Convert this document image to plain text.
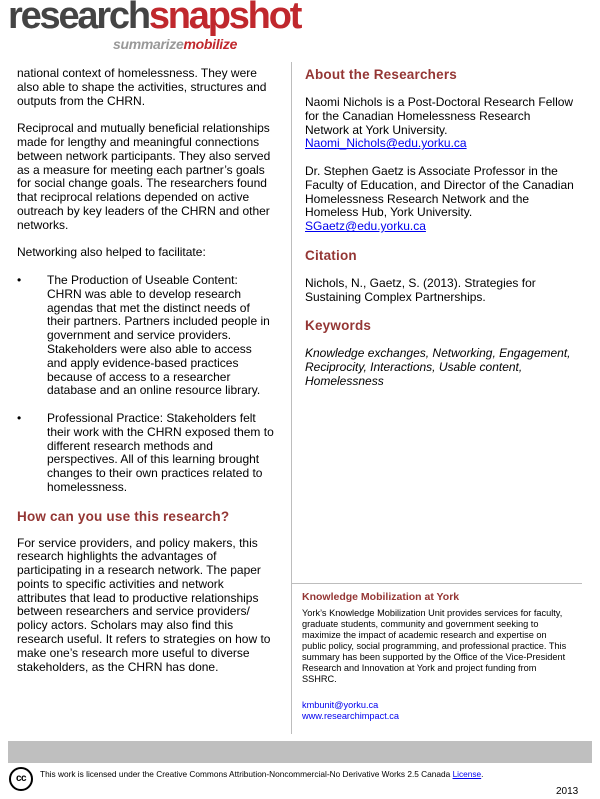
researchsnapshot
summarizemobilize

national context of homelessness. They were also able to shape the activities, structures and outputs from the CHRN.

Reciprocal and mutually beneficial relationships made for lengthy and meaningful connections between network participants. They also served as a measure for meeting each partner’s goals for social change goals. The researchers found that reciprocal relations depended on active outreach by key leaders of the CHRN and other networks.

Networking also helped to facilitate:

• The Production of Useable Content: CHRN was able to develop research agendas that met the distinct needs of their partners. Partners included people in government and service providers. Stakeholders were also able to access and apply evidence-based practices because of access to a researcher database and an online resource library.
• Professional Practice: Stakeholders felt their work with the CHRN exposed them to different research methods and perspectives. All of this learning brought changes to their own practices related to homelessness.
How can you use this research?

For service providers, and policy makers, this research highlights the advantages of participating in a research network. The paper points to specific activities and network attributes that lead to productive relationships between researchers and service providers/ policy actors. Scholars may also find this research useful. It refers to strategies on how to make one’s research more useful to diverse stakeholders, as the CHRN has done.

About the Researchers

Naomi Nichols is a Post-Doctoral Research Fellow for the Canadian Homelessness Research Network at York University.
Naomi_Nichols@edu.yorku.ca

Dr. Stephen Gaetz is Associate Professor in the Faculty of Education, and Director of the Canadian Homelessness Research Network and the Homeless Hub, York University.
SGaetz@edu.yorku.ca

Citation

Nichols, N., Gaetz, S. (2013). Strategies for Sustaining Complex Partnerships.

Keywords

Knowledge exchanges, Networking, Engagement, Reciprocity, Interactions, Usable content, Homelessness

Knowledge Mobilization at York
York’s Knowledge Mobilization Unit provides services for faculty, graduate students, community and government seeking to maximize the impact of academic research and expertise on public policy, social programming, and professional practice. This summary has been supported by the Office of the Vice-President Research and Innovation at York and project funding from SSHRC.
kmbunit@yorku.ca
www.researchimpact.ca
cc	This work is licensed under the Creative Commons Attribution-Noncommercial-No Derivative Works 2.5 Canada License.
2013
